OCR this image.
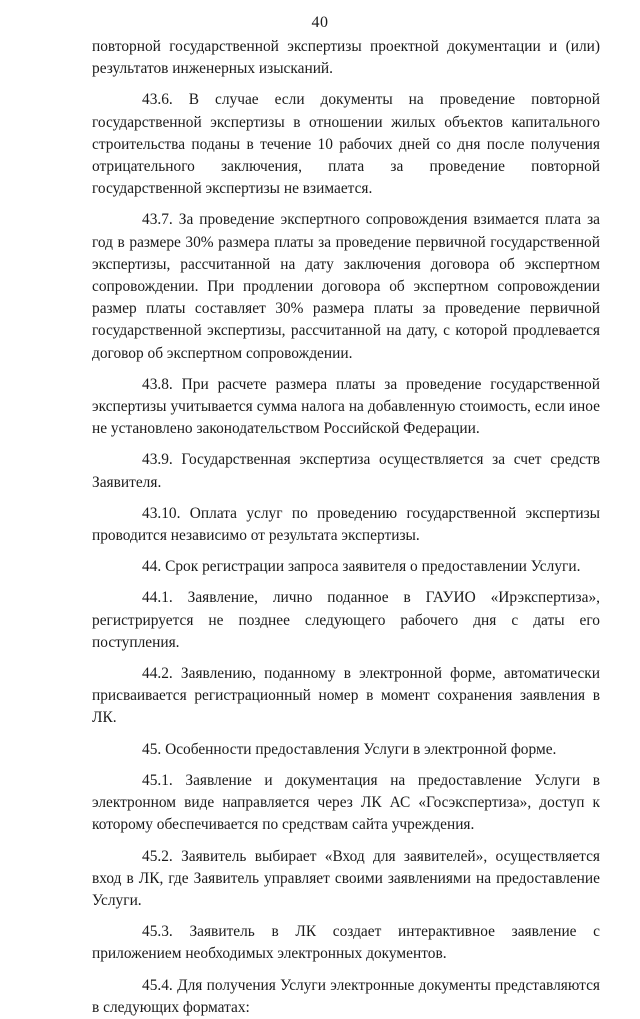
40

повторной государственной экспертизы проектной документации и (или) результатов инженерных изысканий.

43.6. В случае если документы на проведение повторной государственной экспертизы в отношении жилых объектов капитального строительства поданы в течение 10 рабочих дней со дня после получения отрицательного заключения, плата за проведение повторной государственной экспертизы не взимается.

43.7. За проведение экспертного сопровождения взимается плата за год в размере 30% размера платы за проведение первичной государственной экспертизы, рассчитанной на дату заключения договора об экспертном сопровождении. При продлении договора об экспертном сопровождении размер платы составляет 30% размера платы за проведение первичной государственной экспертизы, рассчитанной на дату, с которой продлевается договор об экспертном сопровождении.

43.8. При расчете размера платы за проведение государственной экспертизы учитывается сумма налога на добавленную стоимость, если иное не установлено законодательством Российской Федерации.

43.9. Государственная экспертиза осуществляется за счет средств Заявителя.

43.10. Оплата услуг по проведению государственной экспертизы проводится независимо от результата экспертизы.

44. Срок регистрации запроса заявителя о предоставлении Услуги.

44.1. Заявление, лично поданное в ГАУИО «Ирэкспертиза», регистрируется не позднее следующего рабочего дня с даты его поступления.

44.2. Заявлению, поданному в электронной форме, автоматически присваивается регистрационный номер в момент сохранения заявления в ЛК.

45. Особенности предоставления Услуги в электронной форме.

45.1. Заявление и документация на предоставление Услуги в электронном виде направляется через ЛК АС «Госэкспертиза», доступ к которому обеспечивается по средствам сайта учреждения.

45.2. Заявитель выбирает «Вход для заявителей», осуществляется вход в ЛК, где Заявитель управляет своими заявлениями на предоставление Услуги.

45.3. Заявитель в ЛК создает интерактивное заявление с приложением необходимых электронных документов.

45.4. Для получения Услуги электронные документы представляются в следующих форматах:
